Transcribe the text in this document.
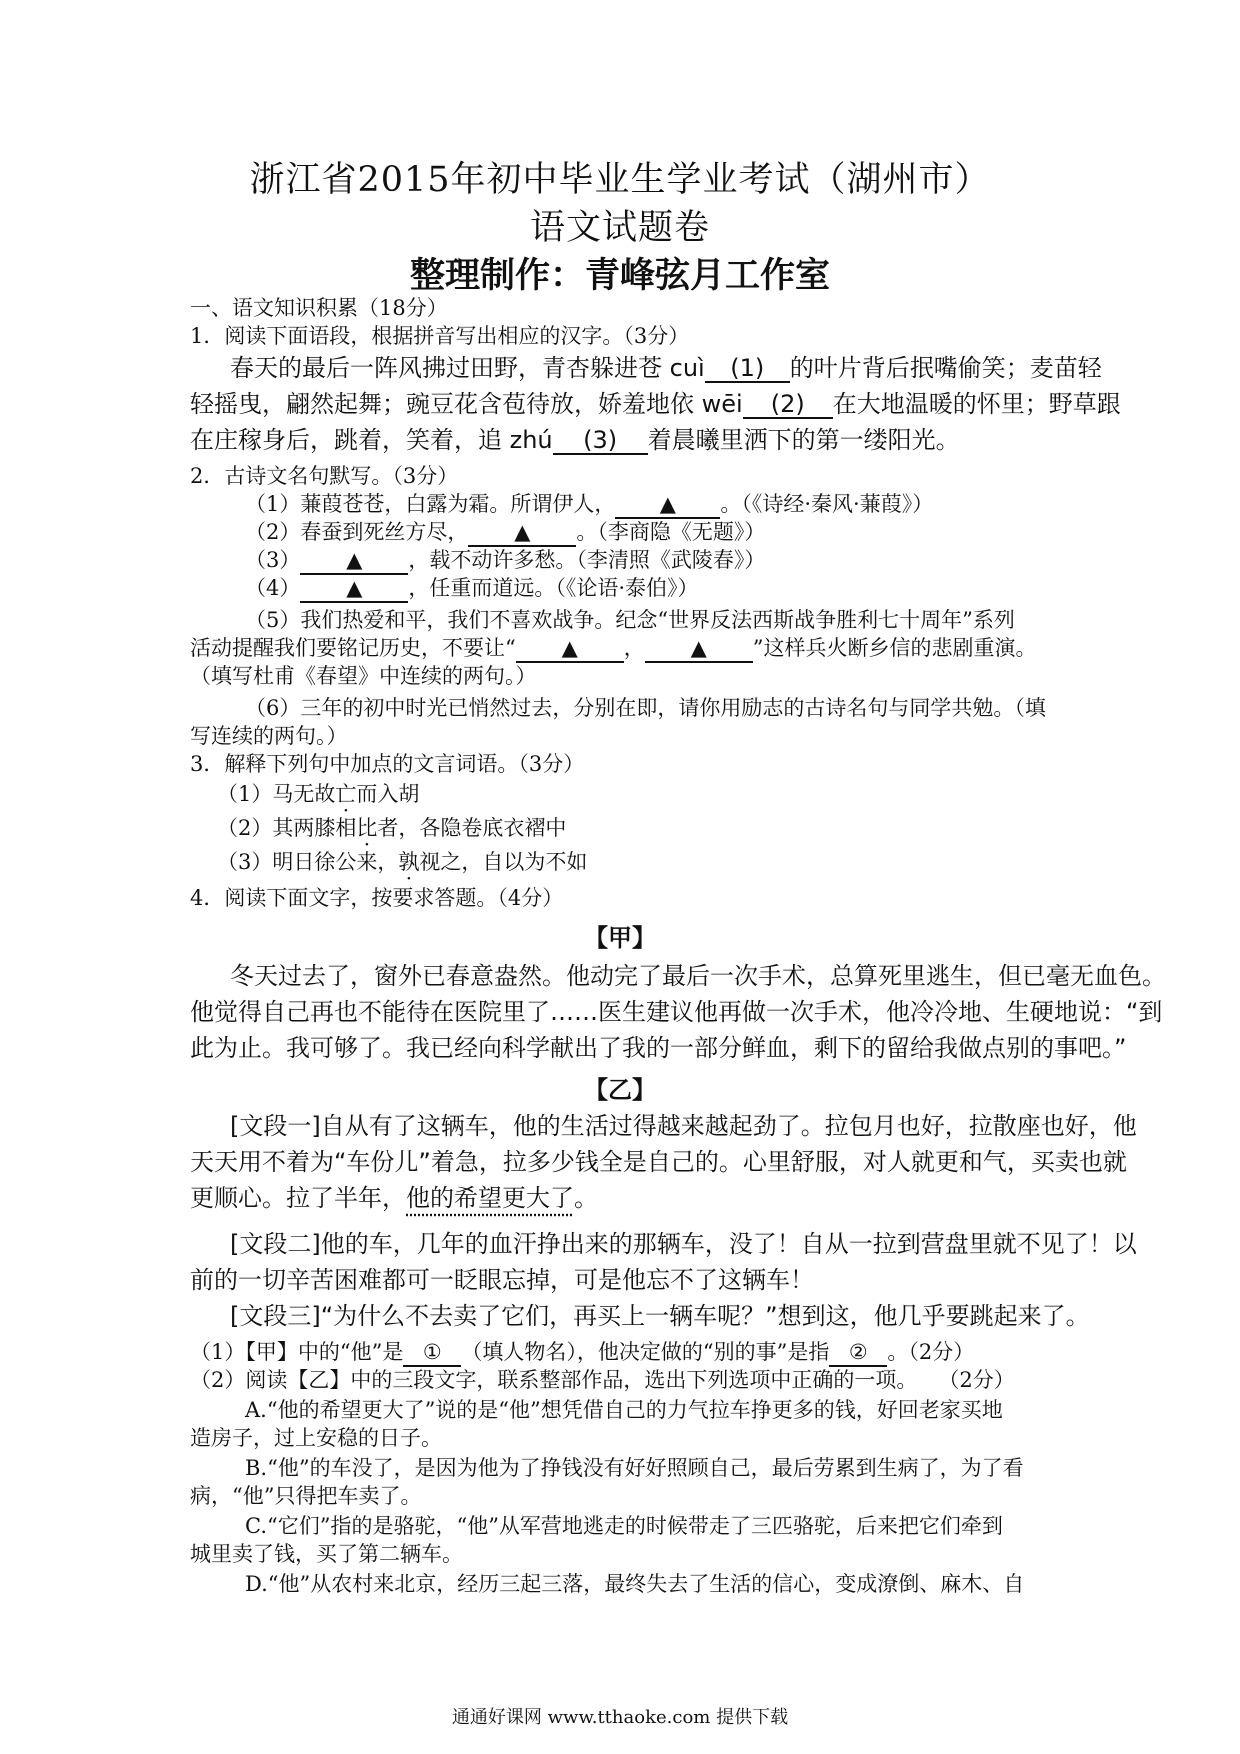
浙江省2015年初中毕业生学业考试（湖州市）
语文试题卷
整理制作：青峰弦月工作室
一、语文知识积累（18分）
1．阅读下面语段，根据拼音写出相应的汉字。（3分）
春天的最后一阵风拂过田野，青杏躲进苍 cuì (1) 的叶片背后抿嘴偷笑；麦苗轻
轻摇曳，翩然起舞；豌豆花含苞待放，娇羞地依 wēi (2) 在大地温暖的怀里；野草跟
在庄稼身后，跳着，笑着，追 zhú (3) 着晨曦里洒下的第一缕阳光。
2．古诗文名句默写。（3分）
（1）蒹葭苍苍，白露为霜。所谓伊人， ▲ 。（《诗经·秦风·蒹葭》）
（2）春蚕到死丝方尽， ▲ 。（李商隐《无题》）
（3） ▲ ，载不动许多愁。（李清照《武陵春》）
（4） ▲ ，任重而道远。（《论语·泰伯》）
（5）我们热爱和平，我们不喜欢战争。纪念“世界反法西斯战争胜利七十周年”系列
活动提醒我们要铭记历史，不要让“ ▲ ， ▲ ”这样兵火断乡信的悲剧重演。
（填写杜甫《春望》中连续的两句。）
（6）三年的初中时光已悄然过去，分别在即，请你用励志的古诗名句与同学共勉。（填
写连续的两句。）
3．解释下列句中加点的文言词语。（3分）
（1）马无故亡而入胡
（2）其两膝相比者，各隐卷底衣褶中
（3）明日徐公来，孰视之，自以为不如
4．阅读下面文字，按要求答题。（4分）
【甲】
冬天过去了，窗外已春意盎然。他动完了最后一次手术，总算死里逃生，但已毫无血色。
他觉得自己再也不能待在医院里了……医生建议他再做一次手术，他冷冷地、生硬地说：“到
此为止。我可够了。我已经向科学献出了我的一部分鲜血，剩下的留给我做点别的事吧。”
【乙】
[文段一]自从有了这辆车，他的生活过得越来越起劲了。拉包月也好，拉散座也好，他
天天用不着为“车份儿”着急，拉多少钱全是自己的。心里舒服，对人就更和气，买卖也就
更顺心。拉了半年，他的希望更大了。
[文段二]他的车，几年的血汗挣出来的那辆车，没了！自从一拉到营盘里就不见了！以
前的一切辛苦困难都可一眨眼忘掉，可是他忘不了这辆车！
[文段三]“为什么不去卖了它们，再买上一辆车呢？”想到这，他几乎要跳起来了。
（1）【甲】中的“他”是 ① （填人物名），他决定做的“别的事”是指 ② 。（2分）
（2）阅读【乙】中的三段文字，联系整部作品，选出下列选项中正确的一项。　　（2分）
A.“他的希望更大了”说的是“他”想凭借自己的力气拉车挣更多的钱，好回老家买地
造房子，过上安稳的日子。
B.“他”的车没了，是因为他为了挣钱没有好好照顾自己，最后劳累到生病了，为了看
病，“他”只得把车卖了。
C.“它们”指的是骆驼，“他”从军营地逃走的时候带走了三匹骆驼，后来把它们牵到
城里卖了钱，买了第二辆车。
D.“他”从农村来北京，经历三起三落，最终失去了生活的信心，变成潦倒、麻木、自
通通好课网 www.tthaoke.com 提供下载
